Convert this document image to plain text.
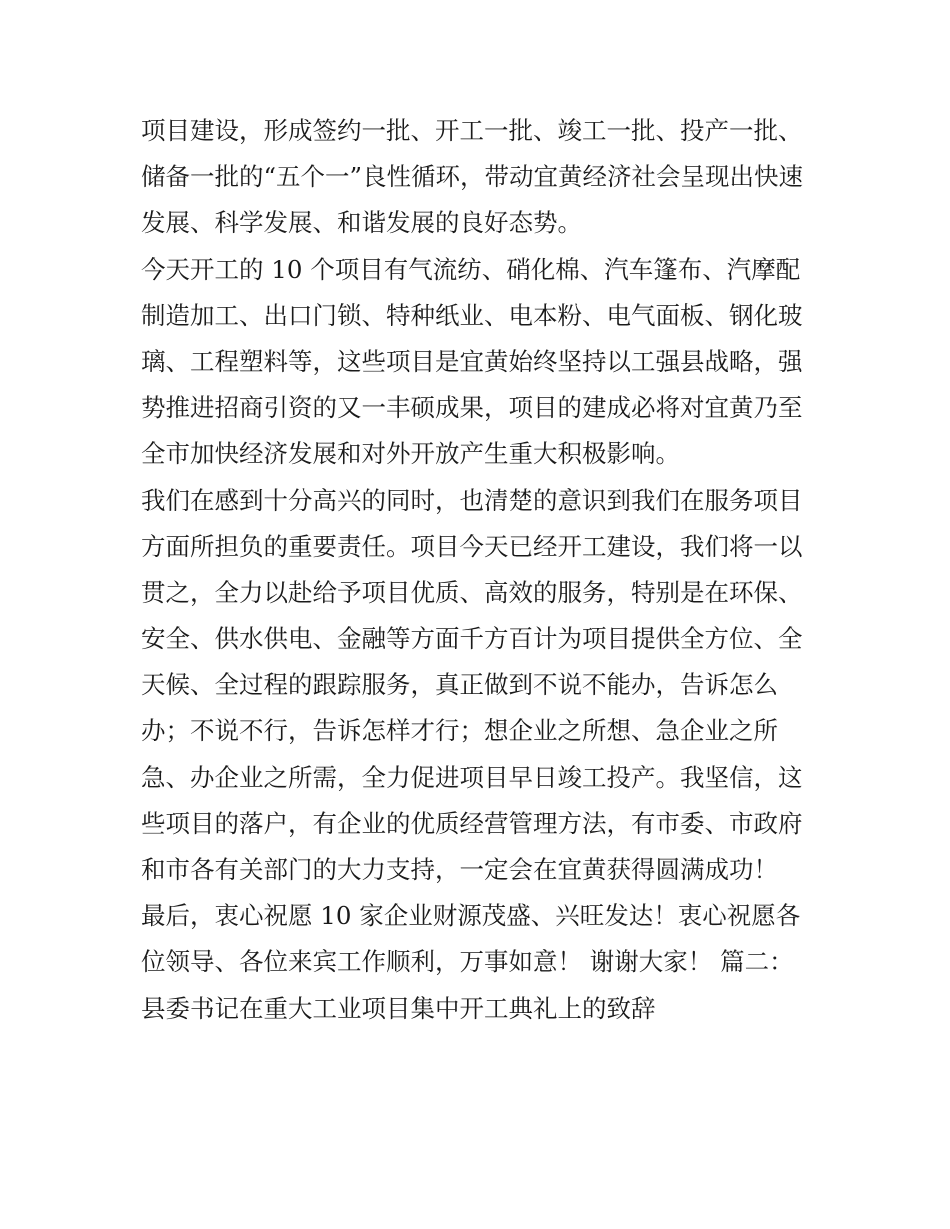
项目建设，形成签约一批、开工一批、竣工一批、投产一批、
储备一批的“五个一”良性循环，带动宜黄经济社会呈现出快速
发展、科学发展、和谐发展的良好态势。
今天开工的 10 个项目有气流纺、硝化棉、汽车篷布、汽摩配
制造加工、出口门锁、特种纸业、电本粉、电气面板、钢化玻
璃、工程塑料等，这些项目是宜黄始终坚持以工强县战略，强
势推进招商引资的又一丰硕成果，项目的建成必将对宜黄乃至
全市加快经济发展和对外开放产生重大积极影响。
我们在感到十分高兴的同时，也清楚的意识到我们在服务项目
方面所担负的重要责任。项目今天已经开工建设，我们将一以
贯之，全力以赴给予项目优质、高效的服务，特别是在环保、
安全、供水供电、金融等方面千方百计为项目提供全方位、全
天候、全过程的跟踪服务，真正做到不说不能办，告诉怎么
办；不说不行，告诉怎样才行；想企业之所想、急企业之所
急、办企业之所需，全力促进项目早日竣工投产。我坚信，这
些项目的落户，有企业的优质经营管理方法，有市委、市政府
和市各有关部门的大力支持，一定会在宜黄获得圆满成功！
最后，衷心祝愿 10 家企业财源茂盛、兴旺发达！衷心祝愿各
位领导、各位来宾工作顺利，万事如意！ 谢谢大家！ 篇二：
县委书记在重大工业项目集中开工典礼上的致辞
